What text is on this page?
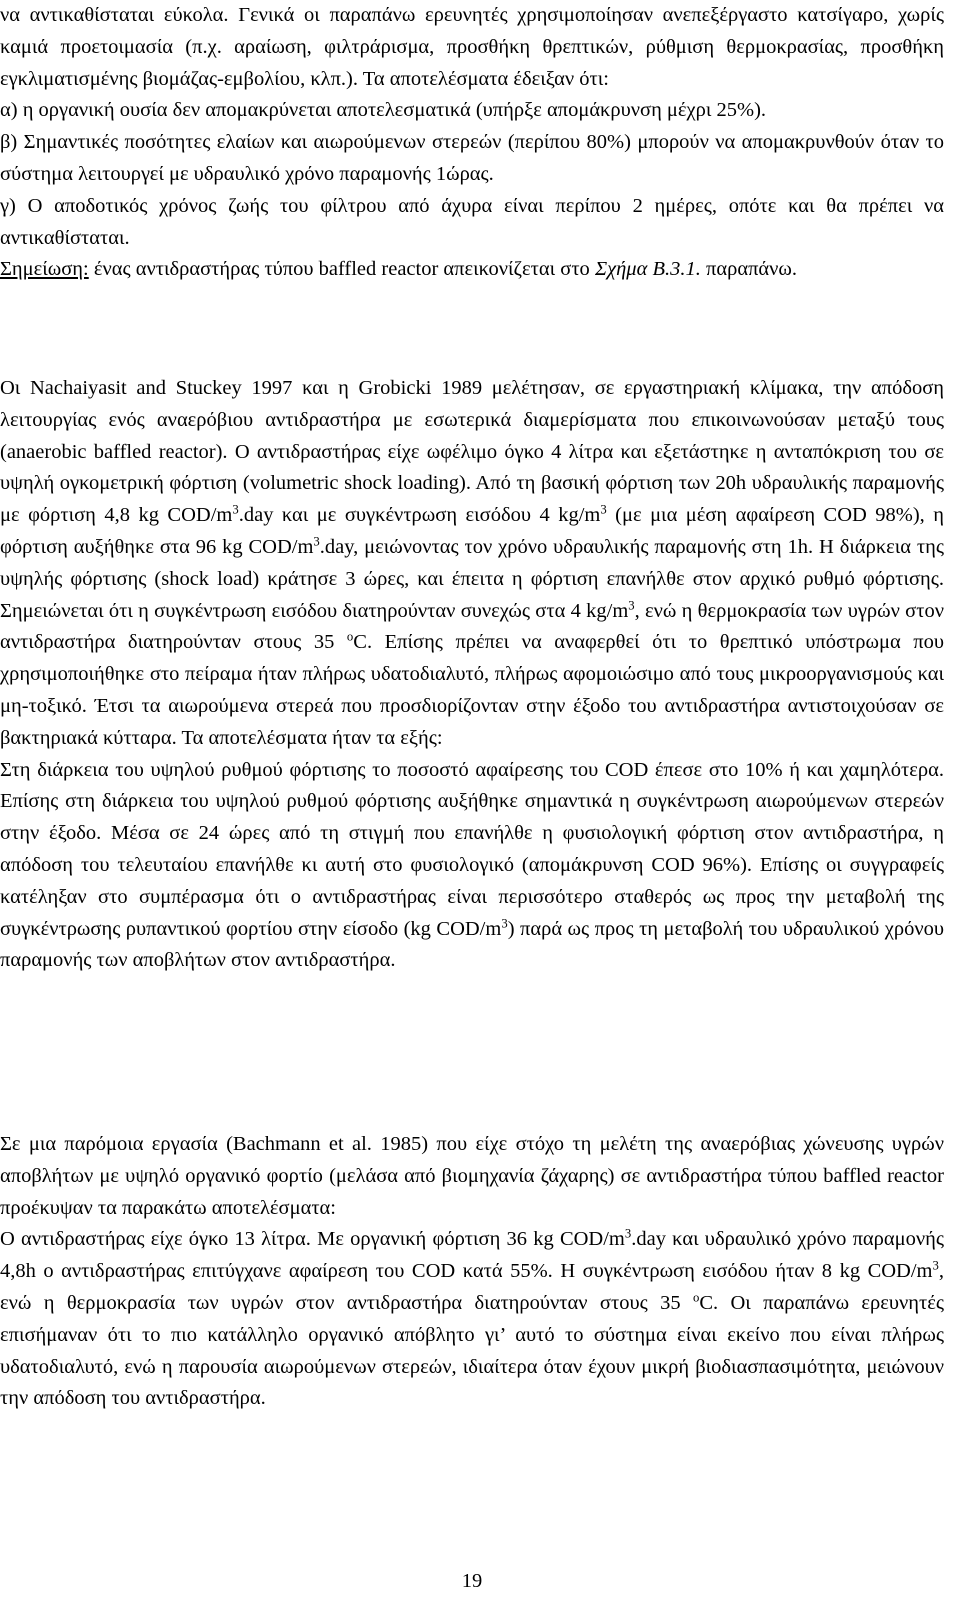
να αντικαθίσταται εύκολα. Γενικά οι παραπάνω ερευνητές χρησιμοποίησαν ανεπεξέργαστο κατσίγαρο, χωρίς καμιά προετοιμασία (π.χ. αραίωση, φιλτράρισμα, προσθήκη θρεπτικών, ρύθμιση θερμοκρασίας, προσθήκη εγκλιματισμένης βιομάζας-εμβολίου, κλπ.). Τα αποτελέσματα έδειξαν ότι:
α) η οργανική ουσία δεν απομακρύνεται αποτελεσματικά (υπήρξε απομάκρυνση μέχρι 25%).
β) Σημαντικές ποσότητες ελαίων και αιωρούμενων στερεών (περίπου 80%) μπορούν να απομακρυνθούν όταν το σύστημα λειτουργεί με υδραυλικό χρόνο παραμονής 1ώρας.
γ) Ο αποδοτικός χρόνος ζωής του φίλτρου από άχυρα είναι περίπου 2 ημέρες, οπότε και θα πρέπει να αντικαθίσταται.
Σημείωση: ένας αντιδραστήρας τύπου baffled reactor απεικονίζεται στο Σχήμα Β.3.1. παραπάνω.
Οι Nachaiyasit and Stuckey 1997 και η Grobicki 1989 μελέτησαν, σε εργαστηριακή κλίμακα, την απόδοση λειτουργίας ενός αναερόβιου αντιδραστήρα με εσωτερικά διαμερίσματα που επικοινωνούσαν μεταξύ τους (anaerobic baffled reactor). Ο αντιδραστήρας είχε ωφέλιμο όγκο 4 λίτρα και εξετάστηκε η ανταπόκριση του σε υψηλή ογκομετρική φόρτιση (volumetric shock loading). Από τη βασική φόρτιση των 20h υδραυλικής παραμονής με φόρτιση 4,8 kg COD/$m^3.day$ και με συγκέντρωση εισόδου 4 $kg/m^3$ (με μια μέση αφαίρεση COD 98%), η φόρτιση αυξήθηκε στα 96 kg COD/$m^3.day$, μειώνοντας τον χρόνο υδραυλικής παραμονής στη 1h. Η διάρκεια της υψηλής φόρτισης (shock load) κράτησε 3 ώρες, και έπειτα η φόρτιση επανήλθε στον αρχικό ρυθμό φόρτισης. Σημειώνεται ότι η συγκέντρωση εισόδου διατηρούνταν συνεχώς στα 4 $kg/m^3$, ενώ η θερμοκρασία των υγρών στον αντιδραστήρα διατηρούνταν στους 35 $^o$C. Επίσης πρέπει να αναφερθεί ότι το θρεπτικό υπόστρωμα που χρησιμοποιήθηκε στο πείραμα ήταν πλήρως υδατοδιαλυτό, πλήρως αφομοιώσιμο από τους μικροοργανισμούς και μη-τοξικό. Έτσι τα αιωρούμενα στερεά που προσδιορίζονταν στην έξοδο του αντιδραστήρα αντιστοιχούσαν σε βακτηριακά κύτταρα. Τα αποτελέσματα ήταν τα εξής:
Στη διάρκεια του υψηλού ρυθμού φόρτισης το ποσοστό αφαίρεσης του COD έπεσε στο 10% ή και χαμηλότερα. Επίσης στη διάρκεια του υψηλού ρυθμού φόρτισης αυξήθηκε σημαντικά η συγκέντρωση αιωρούμενων στερεών στην έξοδο. Μέσα σε 24 ώρες από τη στιγμή που επανήλθε η φυσιολογική φόρτιση στον αντιδραστήρα, η απόδοση του τελευταίου επανήλθε κι αυτή στο φυσιολογικό (απομάκρυνση COD 96%). Επίσης οι συγγραφείς κατέληξαν στο συμπέρασμα ότι ο αντιδραστήρας είναι περισσότερο σταθερός ως προς την μεταβολή της συγκέντρωσης ρυπαντικού φορτίου στην είσοδο (kg COD/$m^3$) παρά ως προς τη μεταβολή του υδραυλικού χρόνου παραμονής των αποβλήτων στον αντιδραστήρα.
Σε μια παρόμοια εργασία (Bachmann et al. 1985) που είχε στόχο τη μελέτη της αναερόβιας χώνευσης υγρών αποβλήτων με υψηλό οργανικό φορτίο (μελάσα από βιομηχανία ζάχαρης) σε αντιδραστήρα τύπου baffled reactor προέκυψαν τα παρακάτω αποτελέσματα:
Ο αντιδραστήρας είχε όγκο 13 λίτρα. Με οργανική φόρτιση 36 kg COD/$m^3.day$ και υδραυλικό χρόνο παραμονής 4,8h ο αντιδραστήρας επιτύγχανε αφαίρεση του COD κατά 55%. Η συγκέντρωση εισόδου ήταν 8 kg COD/$m^3$, ενώ η θερμοκρασία των υγρών στον αντιδραστήρα διατηρούνταν στους 35 $^o$C. Οι παραπάνω ερευνητές επισήμαναν ότι το πιο κατάλληλο οργανικό απόβλητο γι’ αυτό το σύστημα είναι εκείνο που είναι πλήρως υδατοδιαλυτό, ενώ η παρουσία αιωρούμενων στερεών, ιδιαίτερα όταν έχουν μικρή βιοδιασπασιμότητα, μειώνουν την απόδοση του αντιδραστήρα.
19
